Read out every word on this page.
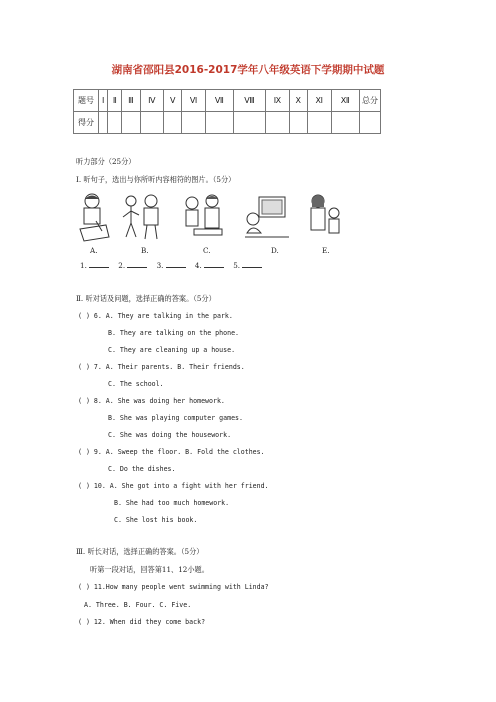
湖南省邵阳县2016-2017学年八年级英语下学期期中试题
题号	Ⅰ	Ⅱ	Ⅲ	Ⅳ	Ⅴ	Ⅵ	Ⅶ	Ⅷ	Ⅸ	Ⅹ	Ⅺ	Ⅻ	总分
得分													
听力部分（25分）
Ⅰ. 听句子，选出与你所听内容相符的图片。（5分）
A.	B.	C.	D.	E.
1.	2.	3.	4.	5.
Ⅱ. 听对话及问题，选择正确的答案。（5分）
( ) 6. A. They are talking in the park.
B. They are talking on the phone.
C. They are cleaning up a house.
( ) 7. A. Their parents. B. Their friends.
C. The school.
( ) 8. A. She was doing her homework.
B. She was playing computer games.
C. She was doing the housework.
( ) 9. A. Sweep the floor. B. Fold the clothes.
C. Do the dishes.
( ) 10. A. She got into a fight with her friend.
B. She had too much homework.
C. She lost his book.
Ⅲ. 听长对话，选择正确的答案。（5分）
听第一段对话，回答第11、12小题。
( ) 11.How many people went swimming with Linda?
A. Three. B. Four. C. Five.
( ) 12. When did they come back?
